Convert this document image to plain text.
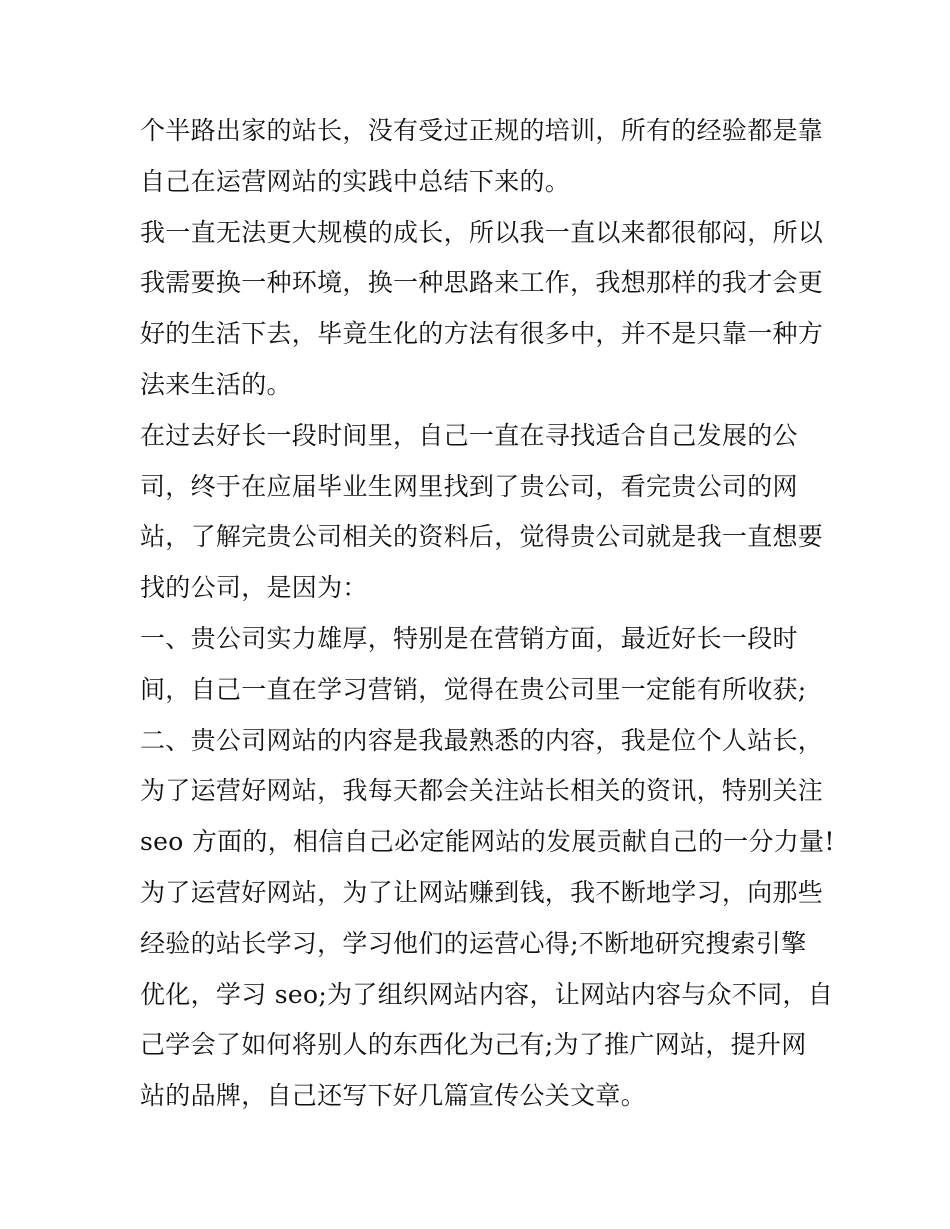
个半路出家的站长，没有受过正规的培训，所有的经验都是靠
自己在运营网站的实践中总结下来的。
我一直无法更大规模的成长，所以我一直以来都很郁闷，所以
我需要换一种环境，换一种思路来工作，我想那样的我才会更
好的生活下去，毕竟生化的方法有很多中，并不是只靠一种方
法来生活的。
在过去好长一段时间里，自己一直在寻找适合自己发展的公
司，终于在应届毕业生网里找到了贵公司，看完贵公司的网
站，了解完贵公司相关的资料后，觉得贵公司就是我一直想要
找的公司，是因为：
一、贵公司实力雄厚，特别是在营销方面，最近好长一段时
间，自己一直在学习营销，觉得在贵公司里一定能有所收获;
二、贵公司网站的内容是我最熟悉的内容，我是位个人站长，
为了运营好网站，我每天都会关注站长相关的资讯，特别关注
seo 方面的，相信自己必定能网站的发展贡献自己的一分力量!
为了运营好网站，为了让网站赚到钱，我不断地学习，向那些
经验的站长学习，学习他们的运营心得;不断地研究搜索引擎
优化，学习 seo;为了组织网站内容，让网站内容与众不同，自
己学会了如何将别人的东西化为己有;为了推广网站，提升网
站的品牌，自己还写下好几篇宣传公关文章。
